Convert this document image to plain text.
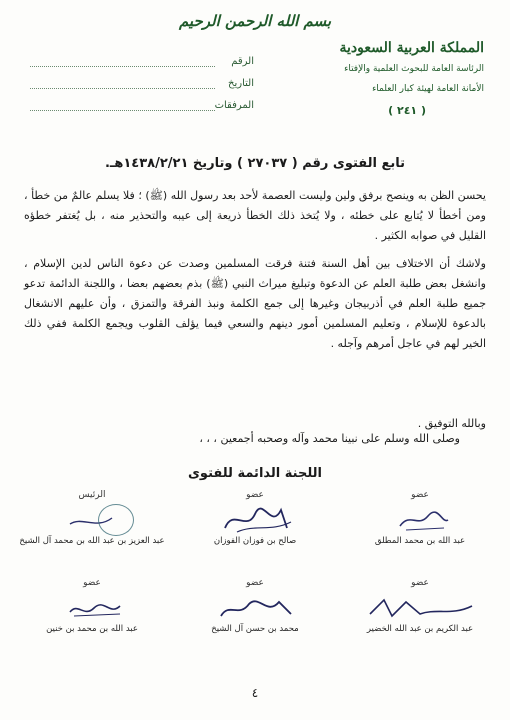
بسم الله الرحمن الرحيم
المملكة العربية السعودية
الرئاسة العامة للبحوث العلمية والإفتاء
الأمانة العامة لهيئة كبار العلماء
( ٢٤١ )
الرقم
التاريخ
المرفقات
تابع الفتوى رقم ( ٢٧٠٣٧ ) وتاريخ ١٤٣٨/٢/٢١هـ.
يحسن الظن به وينصح برفق ولين وليست العصمة لأحد بعد رسول الله (ﷺ) ؛ فلا يسلم عالمٌ من خطأ ، ومن أخطأ لا يُتابع على خطئه ، ولا يُتخذ ذلك الخطأ ذريعة إلى عيبه والتحذير منه ، بل يُغتفر خطؤه القليل في صوابه الكثير .
ولاشك أن الاختلاف بين أهل السنة فتنة فرقت المسلمين وصدت عن دعوة الناس لدين الإسلام ، وانشغل بعض طلبة العلم عن الدعوة وتبليغ ميراث النبي (ﷺ) بذم بعضهم بعضا ، واللجنة الدائمة تدعو جميع طلبة العلم في أذربيجان وغيرها إلى جمع الكلمة ونبذ الفرقة والتمزق ، وأن عليهم الانشغال بالدعوة للإسلام ، وتعليم المسلمين أمور دينهم والسعي فيما يؤلف القلوب ويجمع الكلمة ففي ذلك الخير لهم في عاجل أمرهم وآجله .
وبالله التوفيق .
وصلى الله وسلم على نبينا محمد وآله وصحبه أجمعين ، ، ،
اللجنة الدائمة للفتوى
عضو
عبد الله بن محمد المطلق
عضو
صالح بن فوزان الفوزان
الرئيس
عبد العزيز بن عبد الله بن محمد آل الشيخ
عضو
عبد الكريم بن عبد الله الخضير
عضو
محمد بن حسن آل الشيخ
عضو
عبد الله بن محمد بن خنين
٤
